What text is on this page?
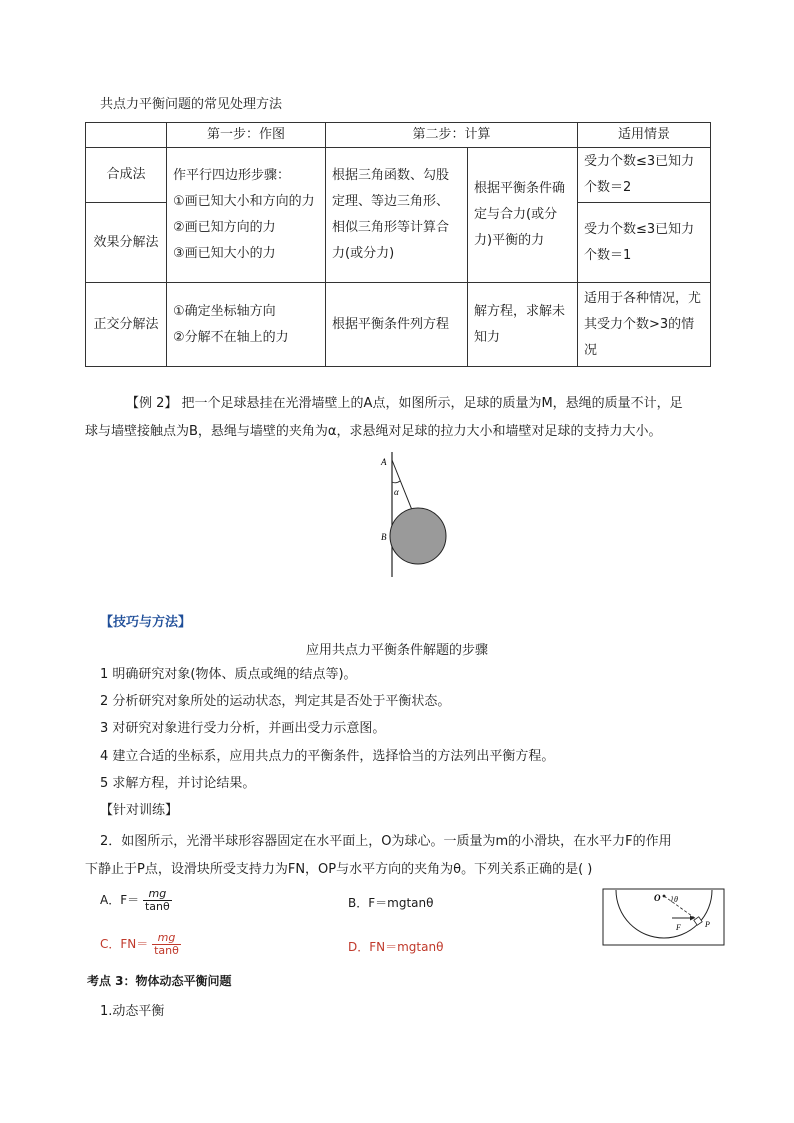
共点力平衡问题的常见处理方法
	第一步：作图	第二步：计算		适用情景
合成法	作平行四边形步骤：

①画已知大小和方向的力

②画已知方向的力

③画已知大小的力	根据三角函数、勾股定理、等边三角形、相似三角形等计算合力(或分力)	根据平衡条件确定与合力(或分力)平衡的力	受力个数≤3已知力个数＝2
效果分解法				受力个数≤3已知力个数＝1
正交分解法	①确定坐标轴方向

②分解不在轴上的力	根据平衡条件列方程	解方程，求解未知力	适用于各种情况，尤其受力个数>3的情况
【例 2】 把一个足球悬挂在光滑墙壁上的A点，如图所示，足球的质量为M，悬绳的质量不计，足
球与墙壁接触点为B，悬绳与墙壁的夹角为α，求悬绳对足球的拉力大小和墙壁对足球的支持力大小。
A
B
α
【技巧与方法】
应用共点力平衡条件解题的步骤
1 明确研究对象(物体、质点或绳的结点等)。
2 分析研究对象所处的运动状态，判定其是否处于平衡状态。
3 对研究对象进行受力分析，并画出受力示意图。
4 建立合适的坐标系，应用共点力的平衡条件，选择恰当的方法列出平衡方程。
5 求解方程，并讨论结果。
【针对训练】
2．如图所示，光滑半球形容器固定在水平面上，O为球心。一质量为m的小滑块，在水平力F的作用
下静止于P点，设滑块所受支持力为FN，OP与水平方向的夹角为θ。下列关系正确的是( )
A．$F= \frac{mg}{\tan\theta}$	B．F＝mgtanθ
C．$FN= \frac{mg}{\tan\theta}$	D．FN＝mgtanθ
O θ
F	P
考点 3：物体动态平衡问题
1.动态平衡
